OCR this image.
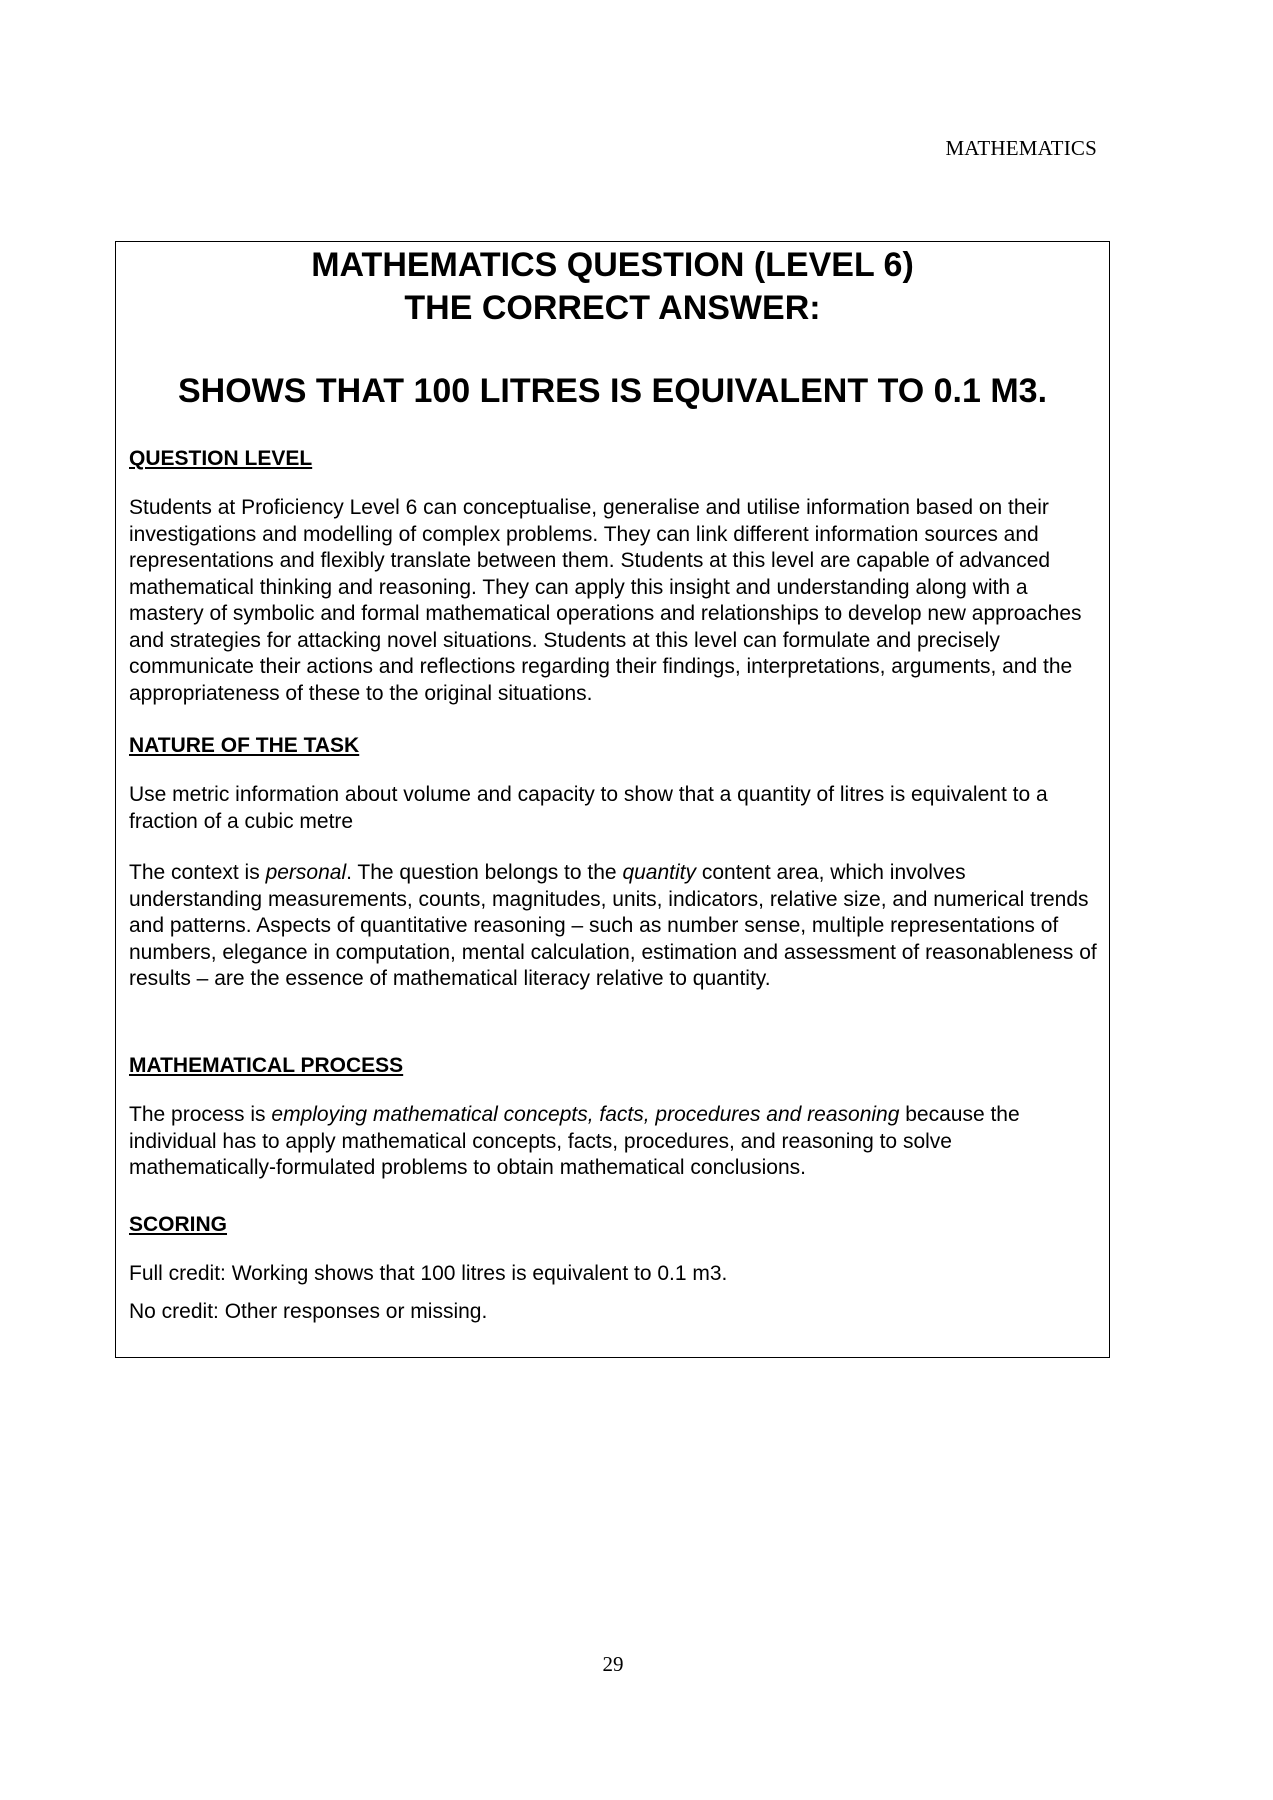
MATHEMATICS
MATHEMATICS QUESTION (LEVEL 6)
THE CORRECT ANSWER:
SHOWS THAT 100 LITRES IS EQUIVALENT TO 0.1 M3.
QUESTION LEVEL

Students at Proficiency Level 6 can conceptualise, generalise and utilise information based on their investigations and modelling of complex problems. They can link different information sources and representations and flexibly translate between them. Students at this level are capable of advanced mathematical thinking and reasoning. They can apply this insight and understanding along with a mastery of symbolic and formal mathematical operations and relationships to develop new approaches and strategies for attacking novel situations. Students at this level can formulate and precisely communicate their actions and reflections regarding their findings, interpretations, arguments, and the appropriateness of these to the original situations.

NATURE OF THE TASK

Use metric information about volume and capacity to show that a quantity of litres is equivalent to a fraction of a cubic metre

The context is personal. The question belongs to the quantity content area, which involves understanding measurements, counts, magnitudes, units, indicators, relative size, and numerical trends and patterns. Aspects of quantitative reasoning – such as number sense, multiple representations of numbers, elegance in computation, mental calculation, estimation and assessment of reasonableness of results – are the essence of mathematical literacy relative to quantity.

MATHEMATICAL PROCESS

The process is employing mathematical concepts, facts, procedures and reasoning because the individual has to apply mathematical concepts, facts, procedures, and reasoning to solve mathematically-formulated problems to obtain mathematical conclusions.

SCORING

Full credit: Working shows that 100 litres is equivalent to 0.1 m3.

No credit: Other responses or missing.

29
